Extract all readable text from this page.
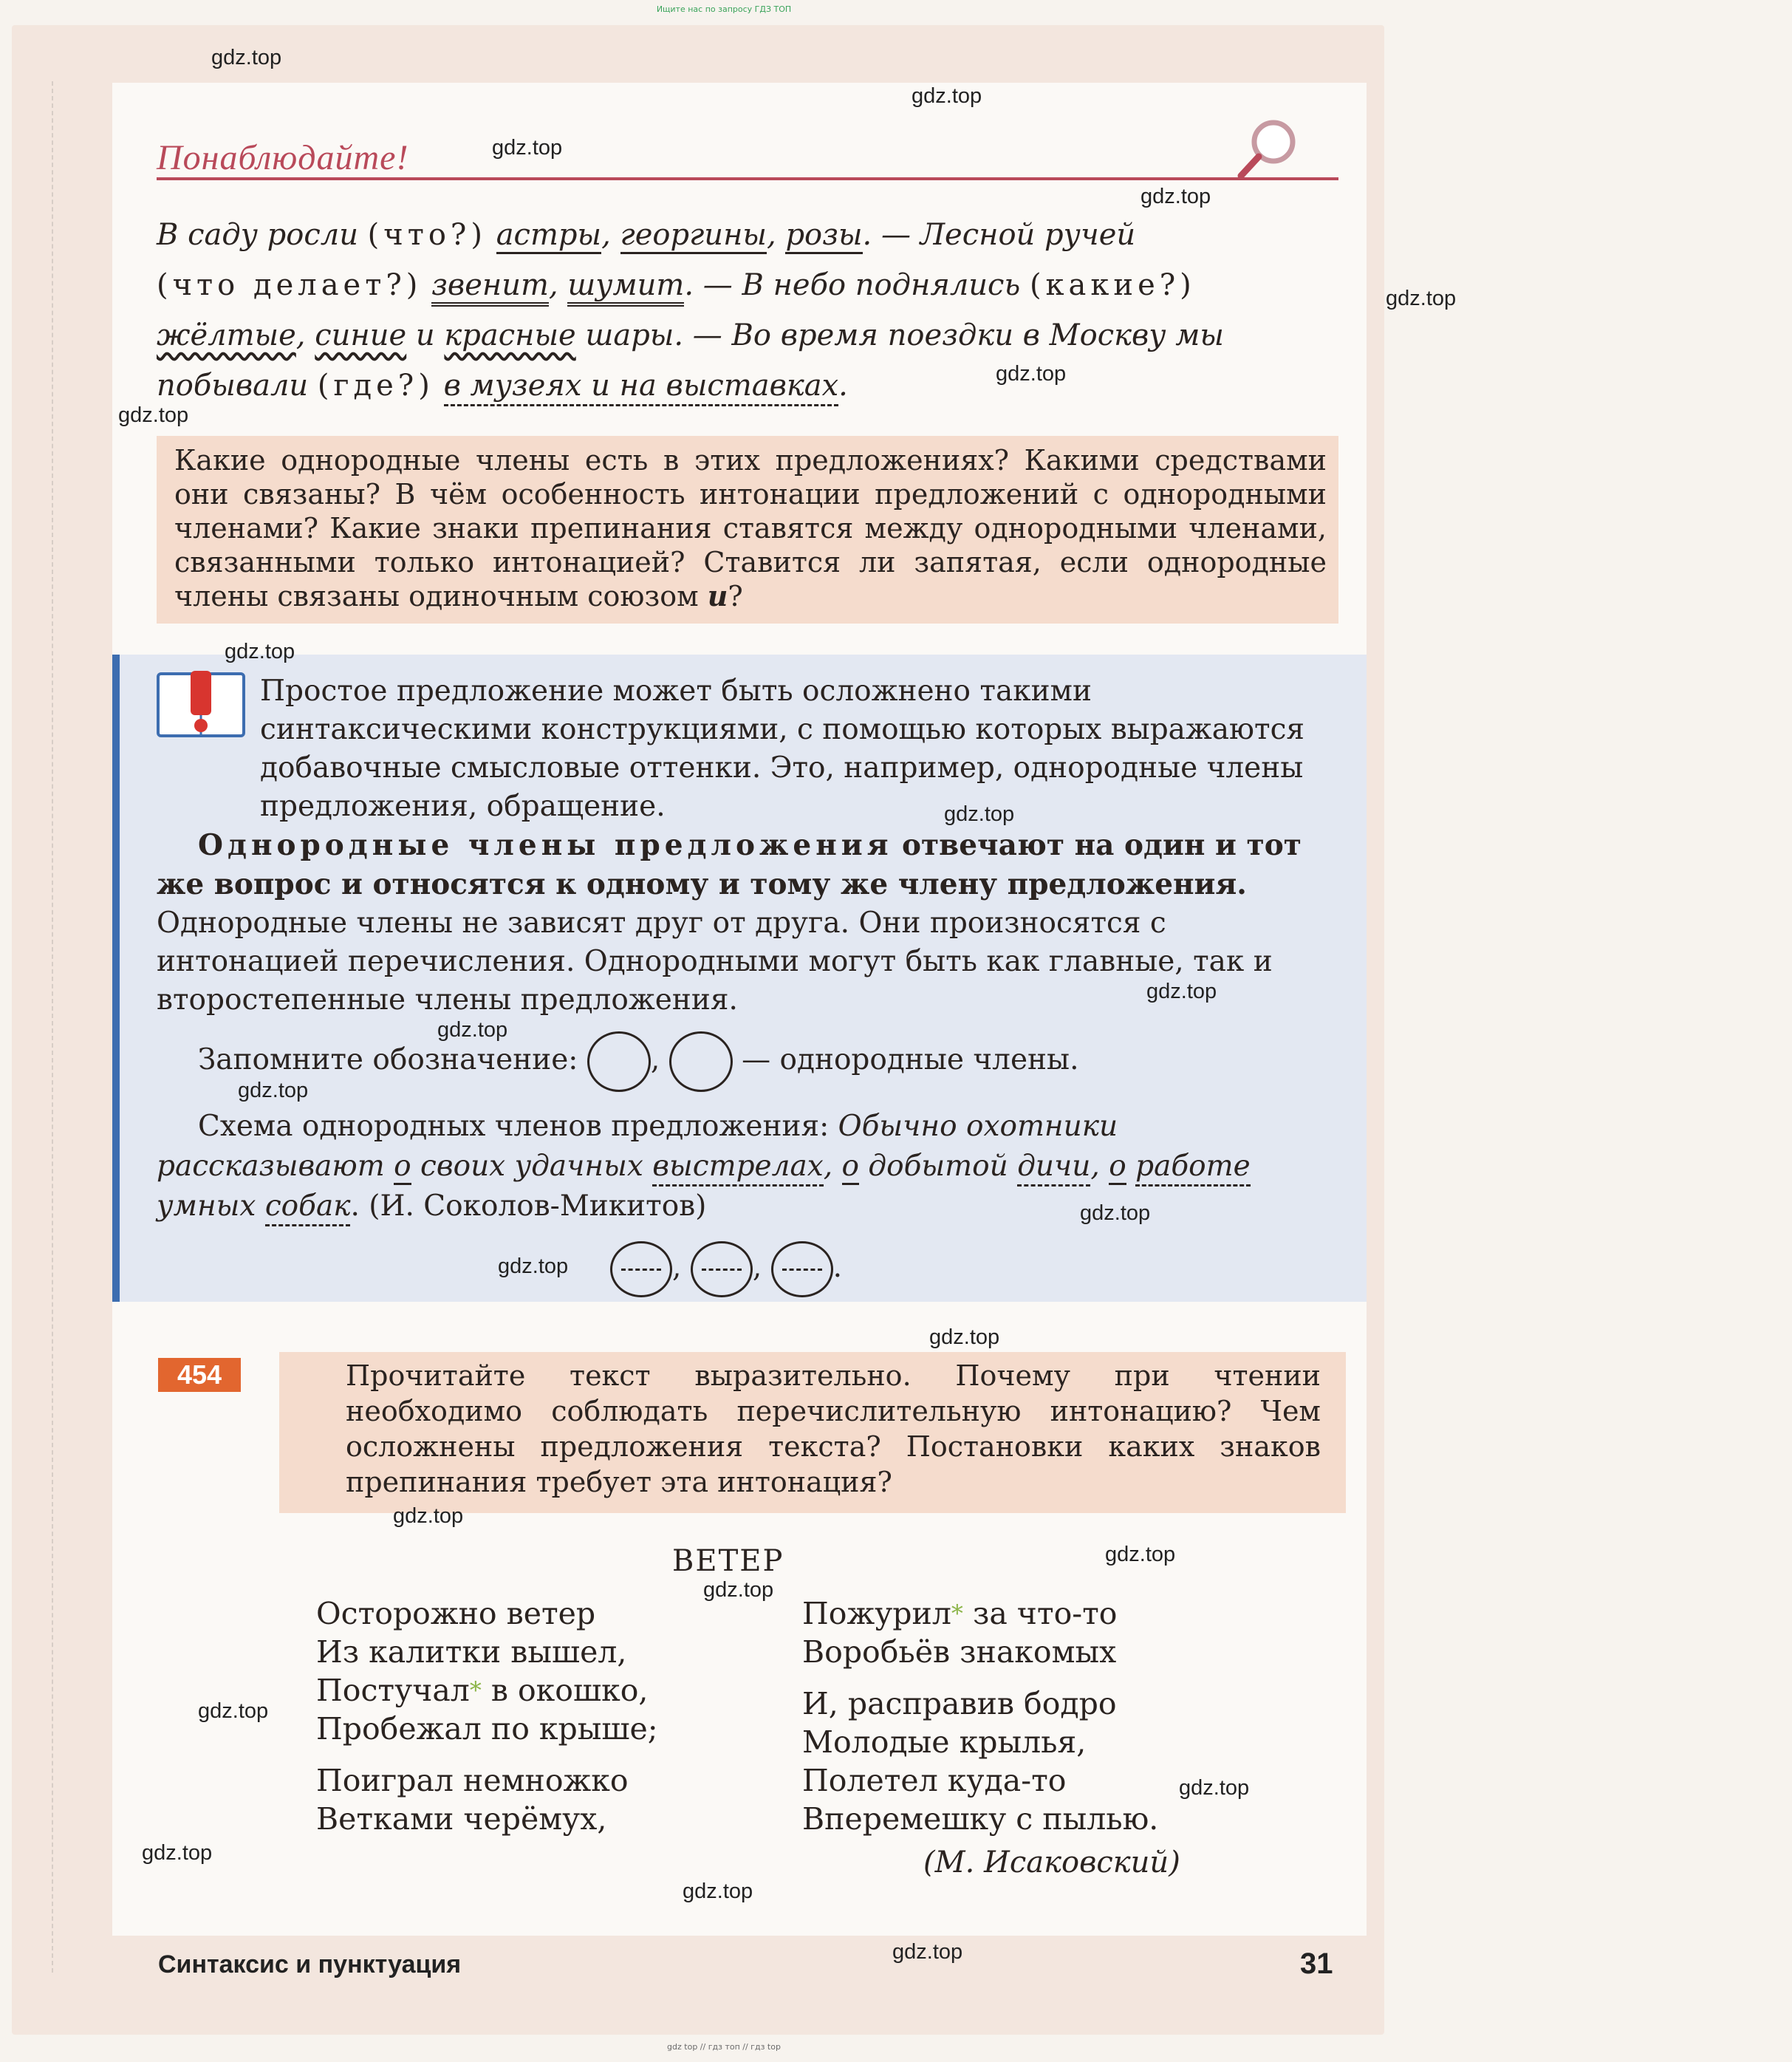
Ищите нас по запросу ГДЗ ТОП
Понаблюдайте!
В саду росли (что?) астры, георгины, розы. — Лесной ручей
(что делает?) звенит, шумит. — В небо поднялись (какие?)
жёлтые, синие и красные шары. — Во время поездки в Москву мы
побывали (где?) в музеях и на выставках.
Какие однородные члены есть в этих предложениях? Какими средствами они связаны? В чём особенность интонации предложений с однородными членами? Какие знаки препинания ставятся между однородными членами, связанными только интонацией? Ставится ли запятая, если однородные члены связаны одиночным союзом и?
Простое предложение может быть осложнено такими синтаксическими конструкциями, с помощью которых выражаются добавочные смысловые оттенки. Это, например, однородные члены предложения, обращение.
Однородные члены предложения отвечают на один и тот же вопрос и относятся к одному и тому же члену предложения. Однородные члены не зависят друг от друга. Они произносятся с интонацией перечисления. Однородными могут быть как главные, так и второстепенные члены предложения.
Запомните обозначение:	,	— однородные члены.
Схема однородных членов предложения: Обычно охотники рассказывают о своих удачных выстрелах, о добытой дичи, о работе умных собак. (И. Соколов-Микитов)
, , .
454	Прочитайте текст выразительно. Почему при чтении необходимо соблюдать перечислительную интонацию? Чем осложнены предложения текста? Постановки каких знаков препинания требует эта интонация?
ВЕТЕР
Осторожно ветер
Из калитки вышел,
Постучал* в окошко,
Пробежал по крыше;
Поиграл немножко
Ветками черёмух,
Пожурил* за что-то
Воробьёв знакомых
И, расправив бодро
Молодые крылья,
Полетел куда-то
Вперемешку с пылью.
(М. Исаковский)
Синтаксис и пунктуация	31
gdz.top
gdz.top
gdz.top
gdz.top
gdz.top
gdz.top
gdz.top
gdz.top
gdz.top
gdz.top
gdz.top
gdz.top
gdz.top
gdz.top
gdz.top
gdz.top
gdz.top
gdz.top
gdz.top
gdz.top
gdz.top
gdz.top
gdz.top
gdz top // гдз топ // гдз top
